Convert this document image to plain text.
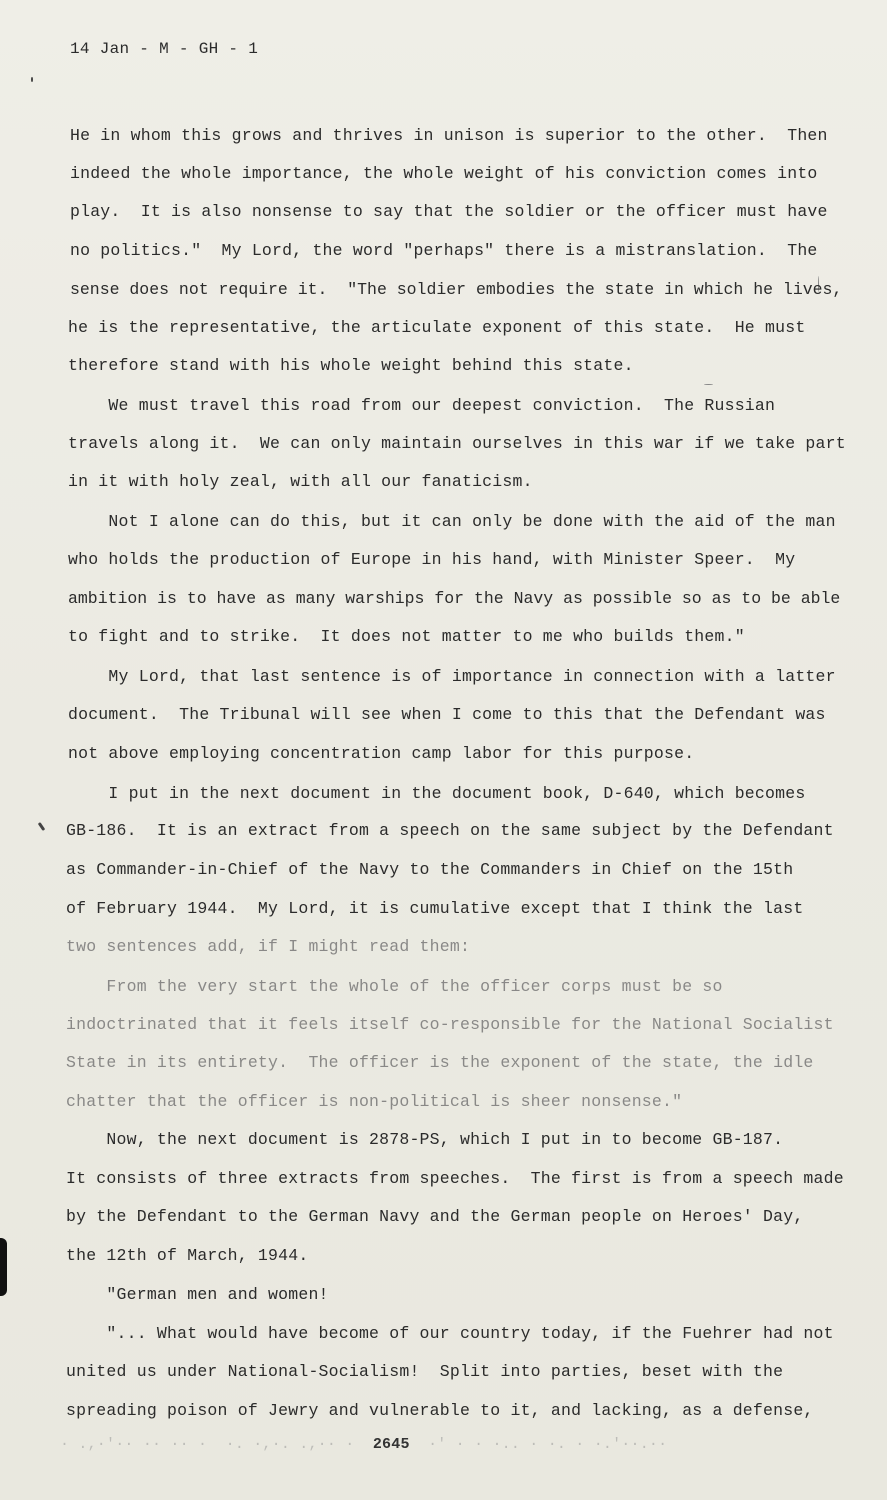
14 Jan - M - GH - 1
He in whom this grows and thrives in unison is superior to the other.  Then
indeed the whole importance, the whole weight of his conviction comes into
play.  It is also nonsense to say that the soldier or the officer must have
no politics."  My Lord, the word "perhaps" there is a mistranslation.  The
sense does not require it.  "The soldier embodies the state in which he lives,
he is the representative, the articulate exponent of this state.  He must
therefore stand with his whole weight behind this state.
We must travel this road from our deepest conviction.  The Russian
travels along it.  We can only maintain ourselves in this war if we take part
in it with holy zeal, with all our fanaticism.
Not I alone can do this, but it can only be done with the aid of the man
who holds the production of Europe in his hand, with Minister Speer.  My
ambition is to have as many warships for the Navy as possible so as to be able
to fight and to strike.  It does not matter to me who builds them."
My Lord, that last sentence is of importance in connection with a latter
document.  The Tribunal will see when I come to this that the Defendant was
not above employing concentration camp labor for this purpose.
I put in the next document in the document book, D-640, which becomes
GB-186.  It is an extract from a speech on the same subject by the Defendant
as Commander-in-Chief of the Navy to the Commanders in Chief on the 15th
of February 1944.  My Lord, it is cumulative except that I think the last
two sentences add, if I might read them:
From the very start the whole of the officer corps must be so
indoctrinated that it feels itself co-responsible for the National Socialist
State in its entirety.  The officer is the exponent of the state, the idle
chatter that the officer is non-political is sheer nonsense."
Now, the next document is 2878-PS, which I put in to become GB-187.
It consists of three extracts from speeches.  The first is from a speech made
by the Defendant to the German Navy and the German people on Heroes' Day,
the 12th of March, 1944.
"German men and women!
"... What would have become of our country today, if the Fuehrer had not
united us under National-Socialism!  Split into parties, beset with the
spreading poison of Jewry and vulnerable to it, and lacking, as a defense,
· .,·'·· ·· ·· ·  ·. ·,·. .,·· ·  2645  ·' · · ·.. · ·. · ·.'··.··
